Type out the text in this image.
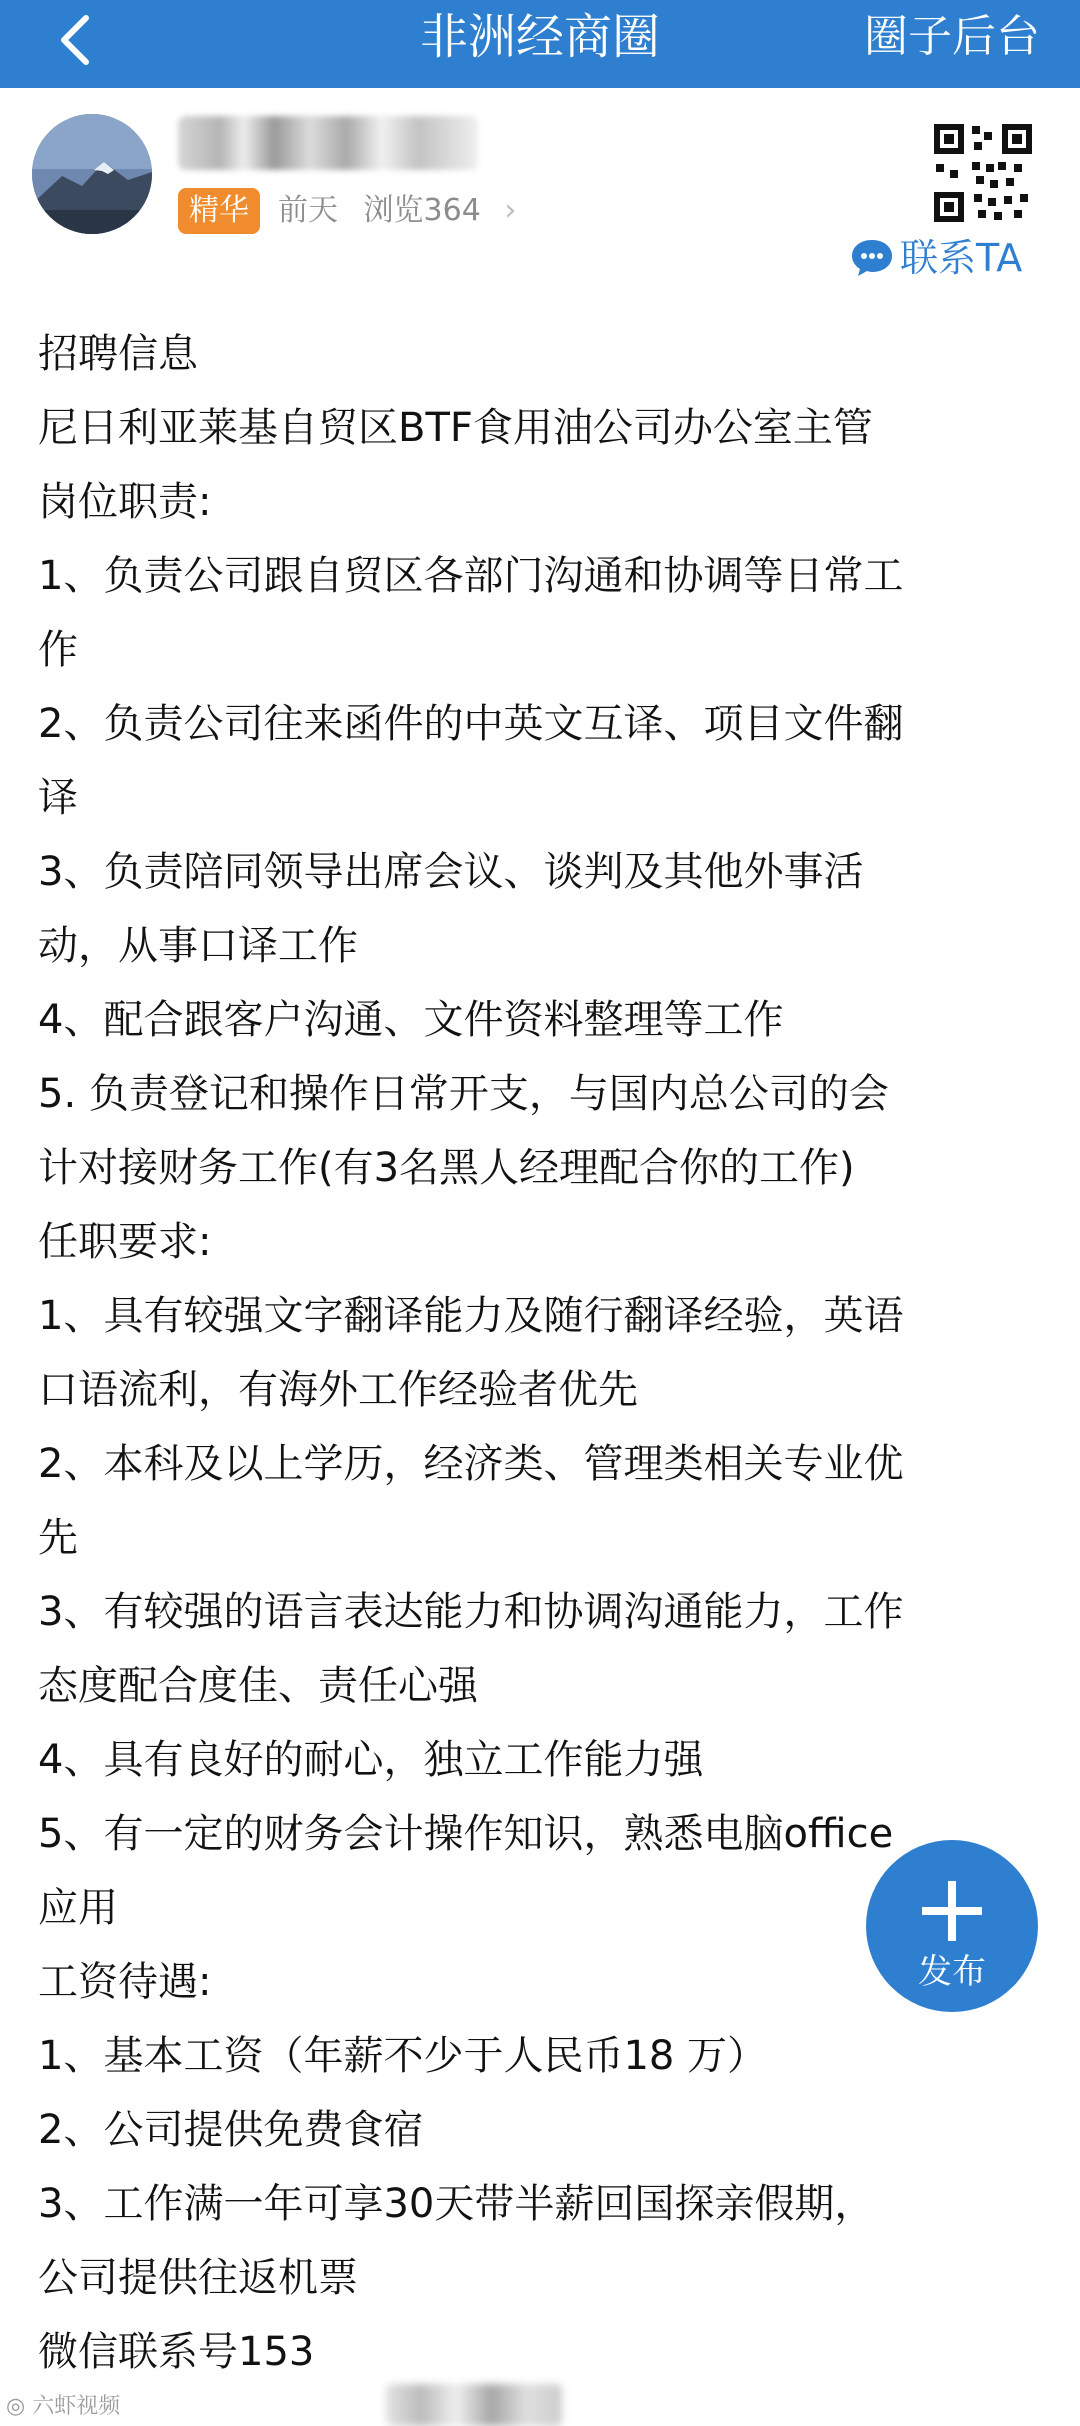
非洲经商圈	圈子后台
精华 前天 浏览364 ›
联系TA
招聘信息
尼日利亚莱基自贸区BTF食用油公司办公室主管
岗位职责:
1、负责公司跟自贸区各部门沟通和协调等日常工
作
2、负责公司往来函件的中英文互译、项目文件翻
译
3、负责陪同领导出席会议、谈判及其他外事活
动，从事口译工作
4、配合跟客户沟通、文件资料整理等工作
5. 负责登记和操作日常开支，与国内总公司的会
计对接财务工作(有3名黑人经理配合你的工作)
任职要求:
1、具有较强文字翻译能力及随行翻译经验，英语
口语流利，有海外工作经验者优先
2、本科及以上学历，经济类、管理类相关专业优
先
3、有较强的语言表达能力和协调沟通能力，工作
态度配合度佳、责任心强
4、具有良好的耐心，独立工作能力强
5、有一定的财务会计操作知识，熟悉电脑office
应用
工资待遇:
1、基本工资（年薪不少于人民币18 万）
2、公司提供免费食宿
3、工作满一年可享30天带半薪回国探亲假期，
公司提供往返机票
微信联系号153
发布
◎ 六虾视频
